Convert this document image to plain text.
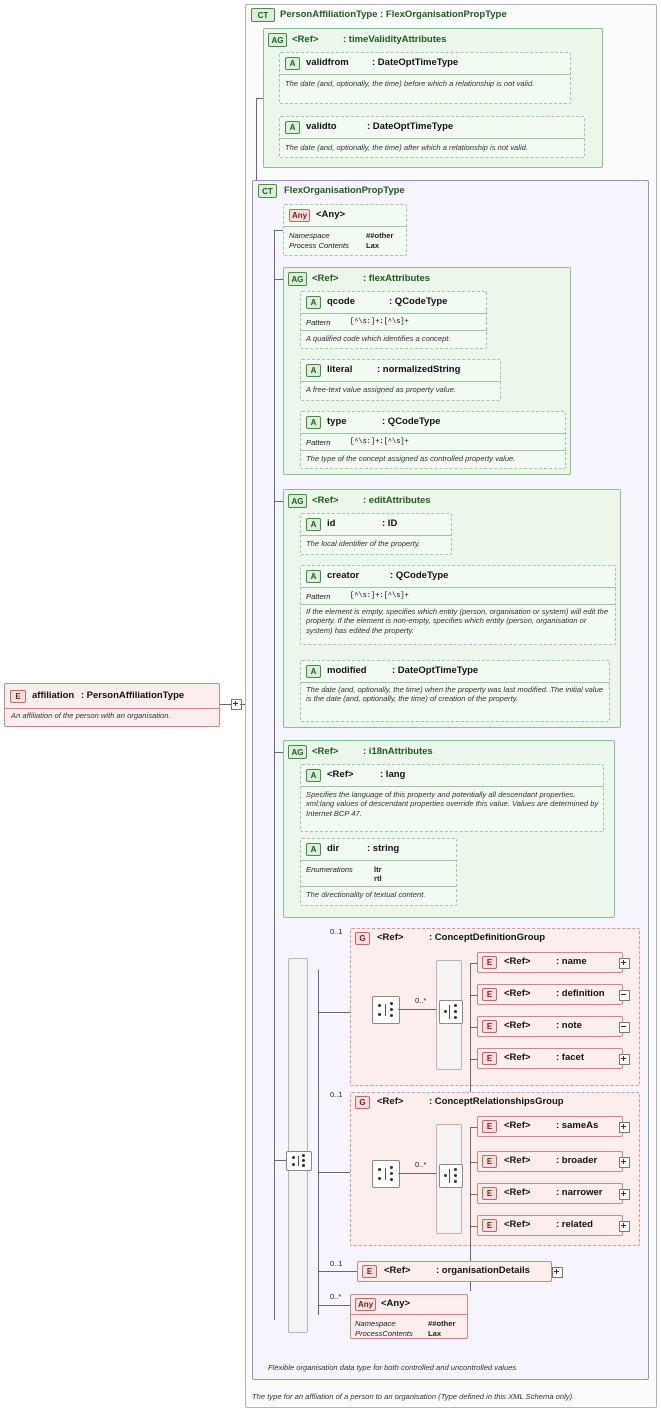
E	affiliation : PersonAffiliationType
An affiliation of the person with an organisation.
CT	PersonAffiliationType : FlexOrganisationPropType
The type for an affliation of a person to an organisation (Type defined in this XML Schema only)
AG <Ref>	: timeValidityAttributes
A	validfrom : DateOptTimeType
The date (and, optionally, the time) before which a relationship is not valid.
A	validto	: DateOptTimeType
The date (and, optionally, the time) after which a relationship is not valid.
CT	FlexOrganisationPropType
Flexible organisation data type for both controlled and uncontrolled values
Any <Any>
Namespace	##other
Process Contents Lax
AG <Ref>	: flexAttributes
A	qcode	: QCodeType
Pattern	[^\s:]+:[^\s]+
A qualified code which identifies a concept.
A	literal	: normalizedString
A free-text value assigned as property value.
A	type	: QCodeType
Pattern	[^\s:]+:[^\s]+
The type of the concept assigned as controlled property value.
AG <Ref>	: editAttributes
A	id	: ID
The local identifier of the property.
A	creator	: QCodeType
Pattern	[^\s:]+:[^\s]+
If the element is empty, specifies which entity (person, organisation or system) will edit the property. If the element is non-empty, specifies which entity (person, organisation or system) has edited the property.
A	modified	: DateOptTimeType
The date (and, optionally, the time) when the property was last modified. The initial value is the date (and, optionally, the time) of creation of the property.
AG <Ref>	: i18nAttributes
A	<Ref>	: lang
Specifies the language of this property and potentially all descendant properties. xml:lang values of descendant properties override this value. Values are determined by Internet BCP 47.
A	dir	: string
Enumerations	ltr
rtl
The directionality of textual content.
0..1
G	<Ref>	: ConceptDefinitionGroup
0..*
E	<Ref>	: name
E	<Ref>	: definition
E	<Ref>	: note
E	<Ref>	: facet
0..1
G	<Ref>	: ConceptRelationshipsGroup
0..*
E	<Ref>	: sameAs
E	<Ref>	: broader
E	<Ref>	: narrower
E	<Ref>	: related
0..1
E	<Ref>	: organisationDetails
0..*
Any <Any>
Namespace	##other
ProcessContents Lax
